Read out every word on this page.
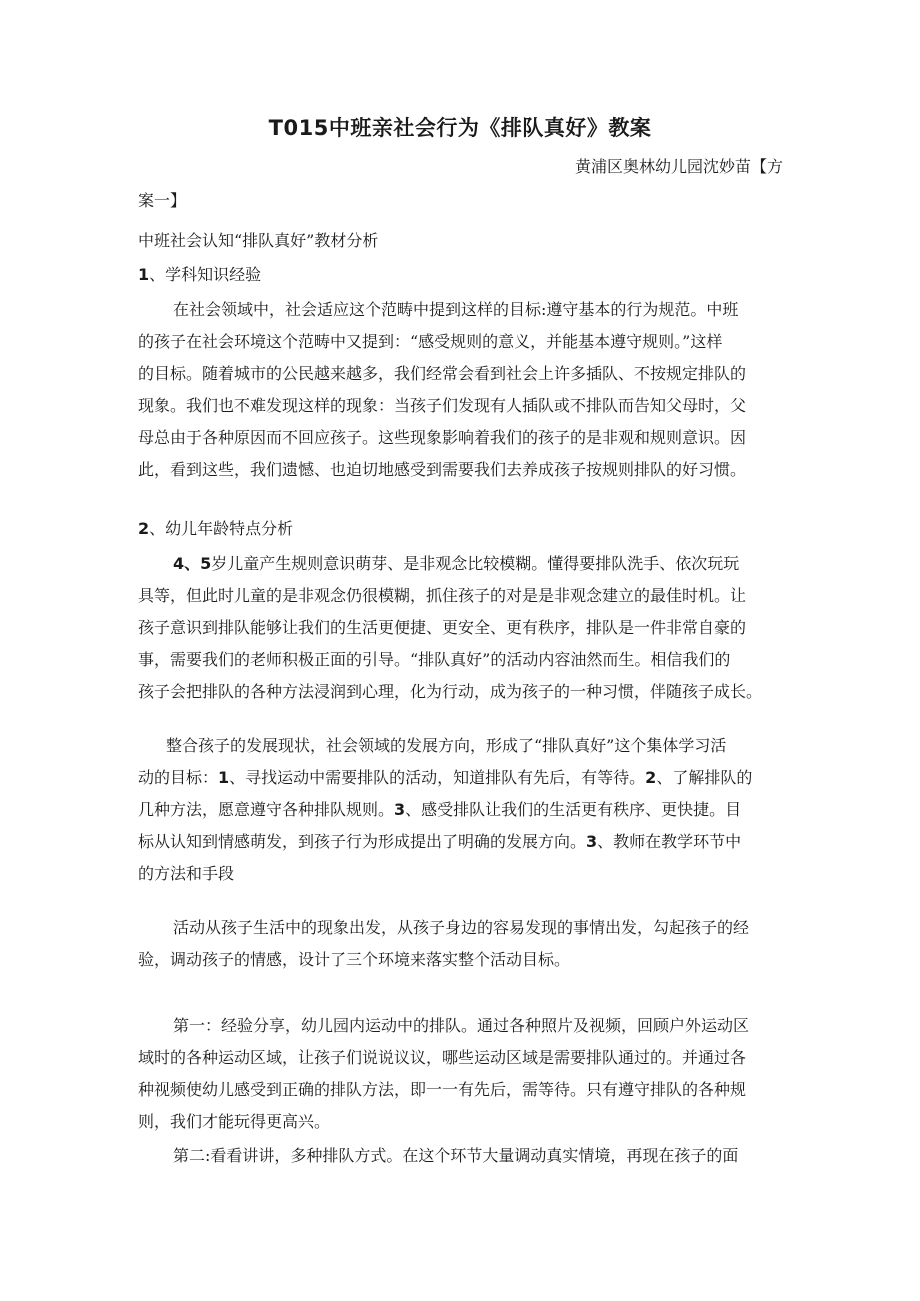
T015中班亲社会行为《排队真好》教案
黄浦区奥林幼儿园沈妙苗【方
案一】
中班社会认知“排队真好”教材分析
1、学科知识经验
在社会领域中，社会适应这个范畴中提到这样的目标:遵守基本的行为规范。中班
的孩子在社会环境这个范畴中又提到：“感受规则的意义，并能基本遵守规则。”这样
的目标。随着城市的公民越来越多，我们经常会看到社会上许多插队、不按规定排队的
现象。我们也不难发现这样的现象：当孩子们发现有人插队或不排队而告知父母时，父
母总由于各种原因而不回应孩子。这些现象影响着我们的孩子的是非观和规则意识。因
此，看到这些，我们遗憾、也迫切地感受到需要我们去养成孩子按规则排队的好习惯。
2、幼儿年龄特点分析
4、5岁儿童产生规则意识萌芽、是非观念比较模糊。懂得要排队洗手、依次玩玩
具等，但此时儿童的是非观念仍很模糊，抓住孩子的对是是非观念建立的最佳时机。让
孩子意识到排队能够让我们的生活更便捷、更安全、更有秩序，排队是一件非常自豪的
事，需要我们的老师积极正面的引导。“排队真好”的活动内容油然而生。相信我们的
孩子会把排队的各种方法浸润到心理，化为行动，成为孩子的一种习惯，伴随孩子成长。
整合孩子的发展现状，社会领域的发展方向，形成了“排队真好”这个集体学习活
动的目标：1、寻找运动中需要排队的活动，知道排队有先后，有等待。2、了解排队的
几种方法，愿意遵守各种排队规则。3、感受排队让我们的生活更有秩序、更快捷。目
标从认知到情感萌发，到孩子行为形成提出了明确的发展方向。3、教师在教学环节中
的方法和手段
活动从孩子生活中的现象出发，从孩子身边的容易发现的事情出发，勾起孩子的经
验，调动孩子的情感，设计了三个环境来落实整个活动目标。
第一：经验分享，幼儿园内运动中的排队。通过各种照片及视频，回顾户外运动区
域时的各种运动区域，让孩子们说说议议，哪些运动区域是需要排队通过的。并通过各
种视频使幼儿感受到正确的排队方法，即一一有先后，需等待。只有遵守排队的各种规
则，我们才能玩得更高兴。
第二:看看讲讲，多种排队方式。在这个环节大量调动真实情境，再现在孩子的面
